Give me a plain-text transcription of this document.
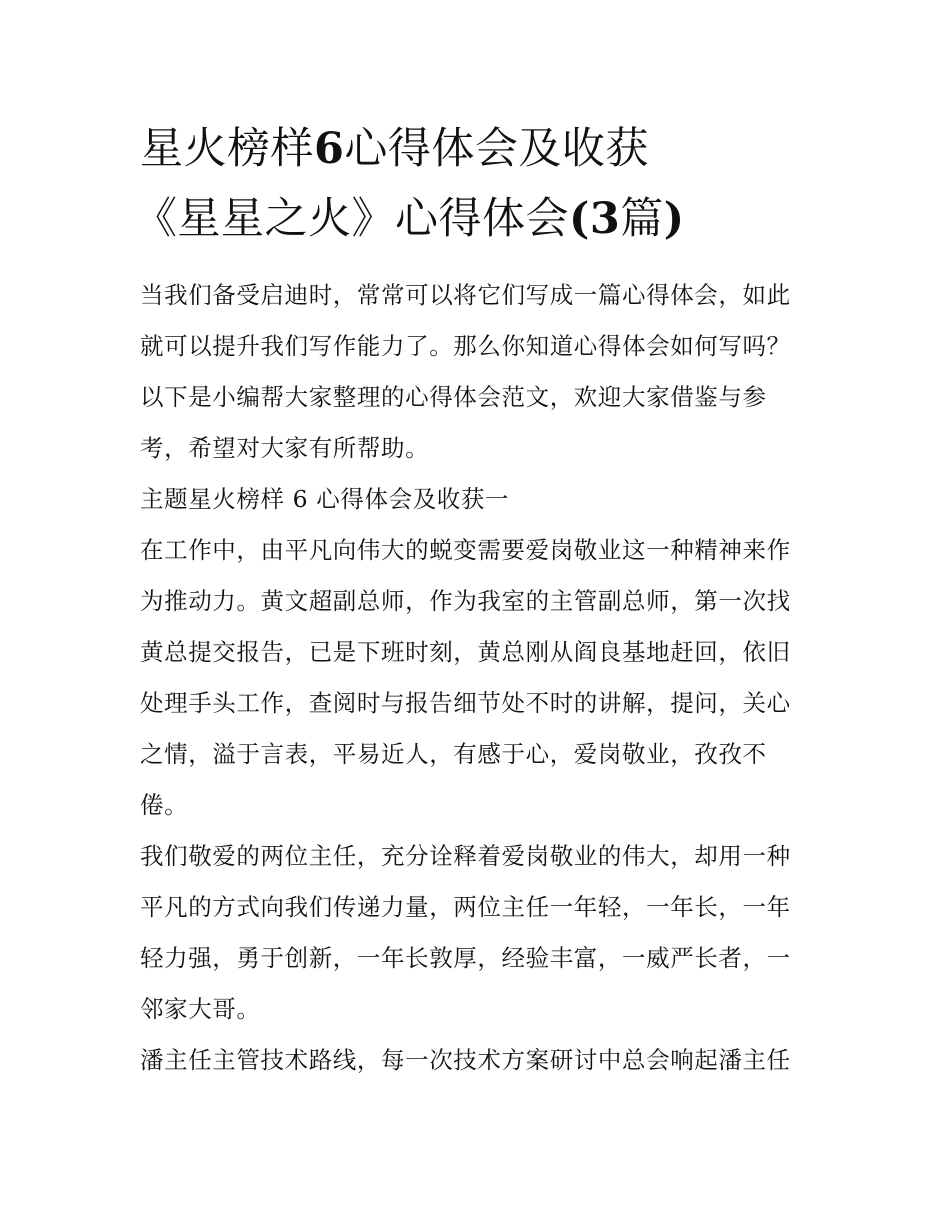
星火榜样6心得体会及收获
《星星之火》心得体会(3篇)

当我们备受启迪时，常常可以将它们写成一篇心得体会，如此
就可以提升我们写作能力了。那么你知道心得体会如何写吗？
以下是小编帮大家整理的心得体会范文，欢迎大家借鉴与参
考，希望对大家有所帮助。

主题星火榜样 6 心得体会及收获一

在工作中，由平凡向伟大的蜕变需要爱岗敬业这一种精神来作
为推动力。黄文超副总师，作为我室的主管副总师，第一次找
黄总提交报告，已是下班时刻，黄总刚从阎良基地赶回，依旧
处理手头工作，查阅时与报告细节处不时的讲解，提问，关心
之情，溢于言表，平易近人，有感于心，爱岗敬业，孜孜不
倦。

我们敬爱的两位主任，充分诠释着爱岗敬业的伟大，却用一种
平凡的方式向我们传递力量，两位主任一年轻，一年长，一年
轻力强，勇于创新，一年长敦厚，经验丰富，一威严长者，一
邻家大哥。

潘主任主管技术路线，每一次技术方案研讨中总会响起潘主任
